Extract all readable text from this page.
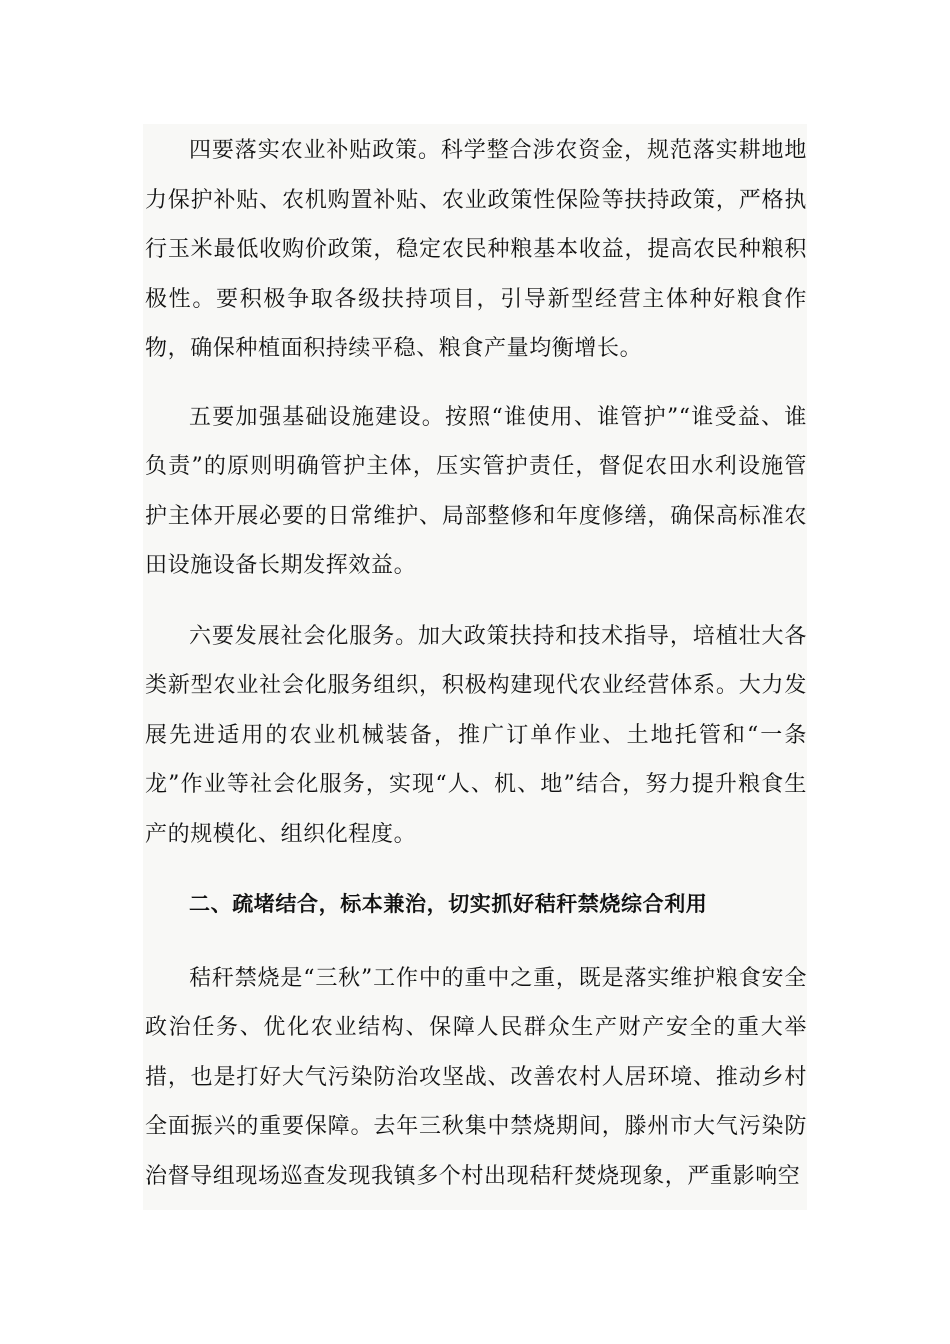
四要落实农业补贴政策。科学整合涉农资金，规范落实耕地地力保护补贴、农机购置补贴、农业政策性保险等扶持政策，严格执行玉米最低收购价政策，稳定农民种粮基本收益，提高农民种粮积极性。要积极争取各级扶持项目，引导新型经营主体种好粮食作物，确保种植面积持续平稳、粮食产量均衡增长。

五要加强基础设施建设。按照“谁使用、谁管护”“谁受益、谁负责”的原则明确管护主体，压实管护责任，督促农田水利设施管护主体开展必要的日常维护、局部整修和年度修缮，确保高标准农田设施设备长期发挥效益。

六要发展社会化服务。加大政策扶持和技术指导，培植壮大各类新型农业社会化服务组织，积极构建现代农业经营体系。大力发展先进适用的农业机械装备，推广订单作业、土地托管和“一条龙”作业等社会化服务，实现“人、机、地”结合，努力提升粮食生产的规模化、组织化程度。

二、疏堵结合，标本兼治，切实抓好秸秆禁烧综合利用

秸秆禁烧是“三秋”工作中的重中之重，既是落实维护粮食安全政治任务、优化农业结构、保障人民群众生产财产安全的重大举措，也是打好大气污染防治攻坚战、改善农村人居环境、推动乡村全面振兴的重要保障。去年三秋集中禁烧期间，滕州市大气污染防治督导组现场巡查发现我镇多个村出现秸秆焚烧现象，严重影响空
